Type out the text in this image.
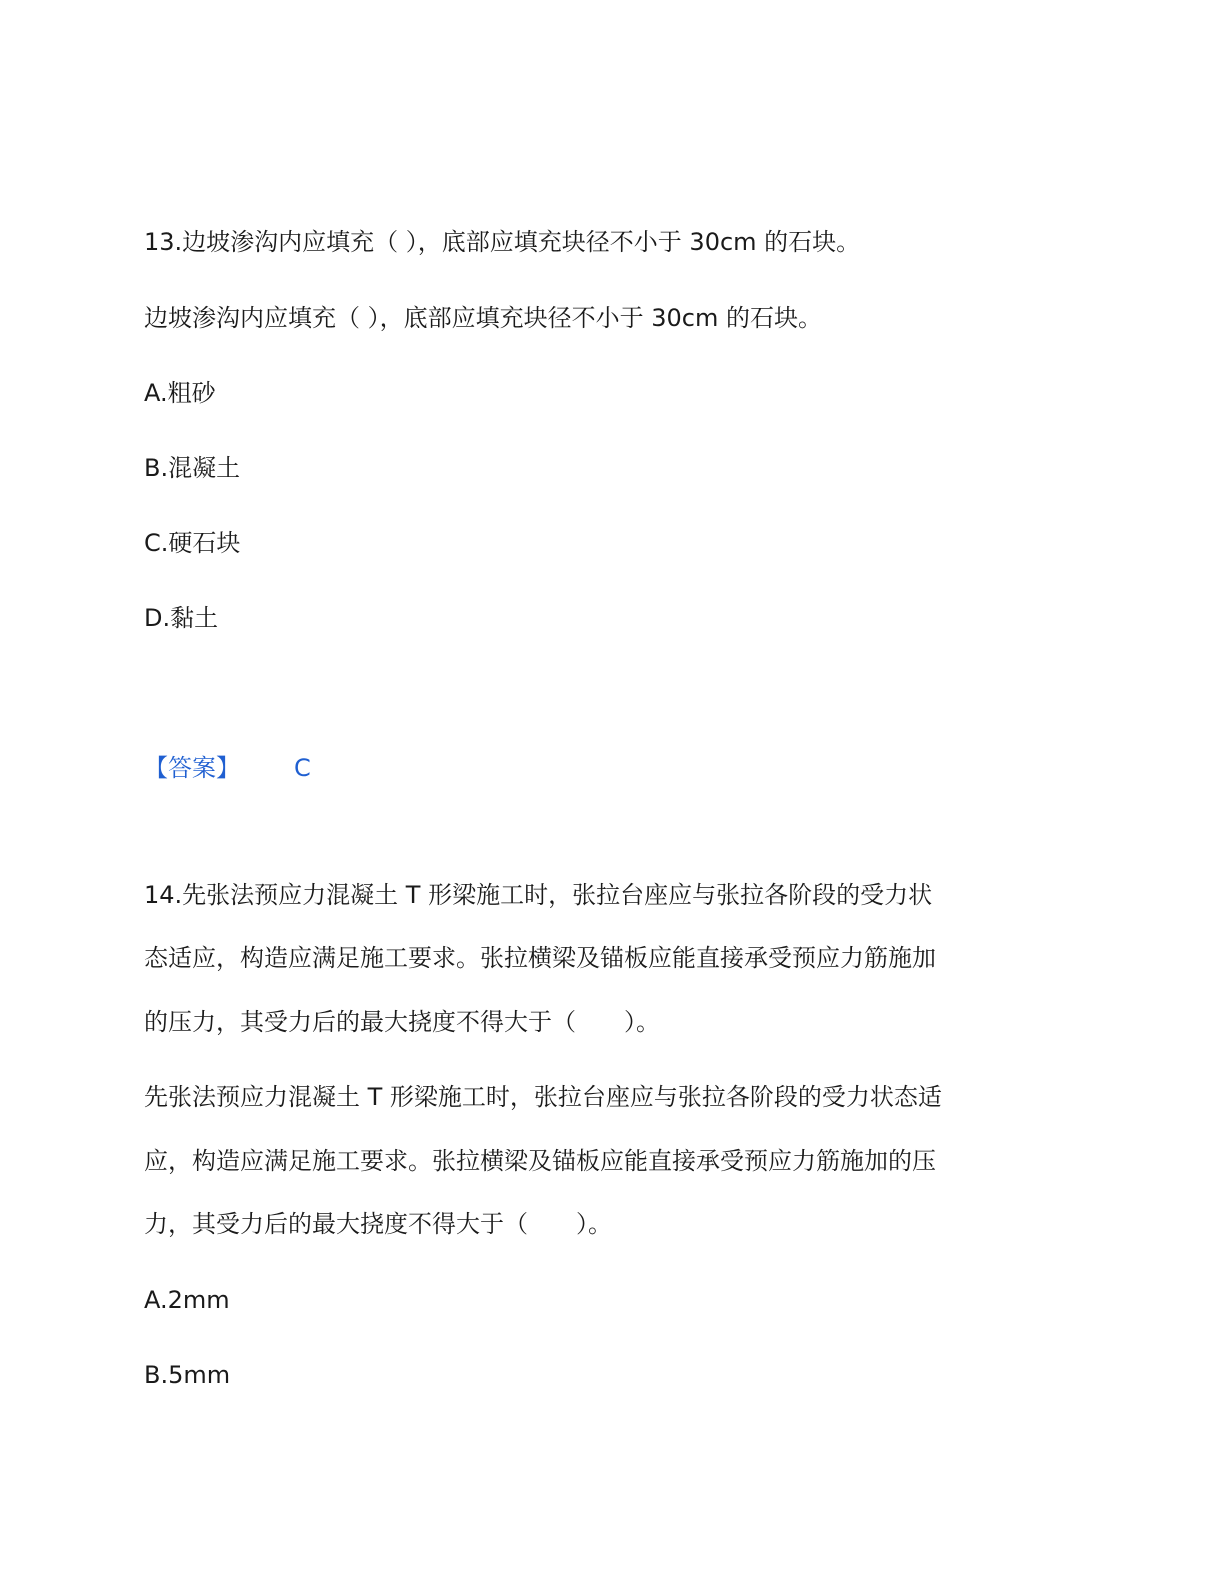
13.边坡渗沟内应填充（ ），底部应填充块径不小于 30cm 的石块。
边坡渗沟内应填充（ ），底部应填充块径不小于 30cm 的石块。
A.粗砂
B.混凝土
C.硬石块
D.黏土
【答案】 C
14.先张法预应力混凝土 T 形梁施工时，张拉台座应与张拉各阶段的受力状
态适应，构造应满足施工要求。张拉横梁及锚板应能直接承受预应力筋施加
的压力，其受力后的最大挠度不得大于（　　）。
先张法预应力混凝土 T 形梁施工时，张拉台座应与张拉各阶段的受力状态适
应，构造应满足施工要求。张拉横梁及锚板应能直接承受预应力筋施加的压
力，其受力后的最大挠度不得大于（　　）。
A.2mm
B.5mm
